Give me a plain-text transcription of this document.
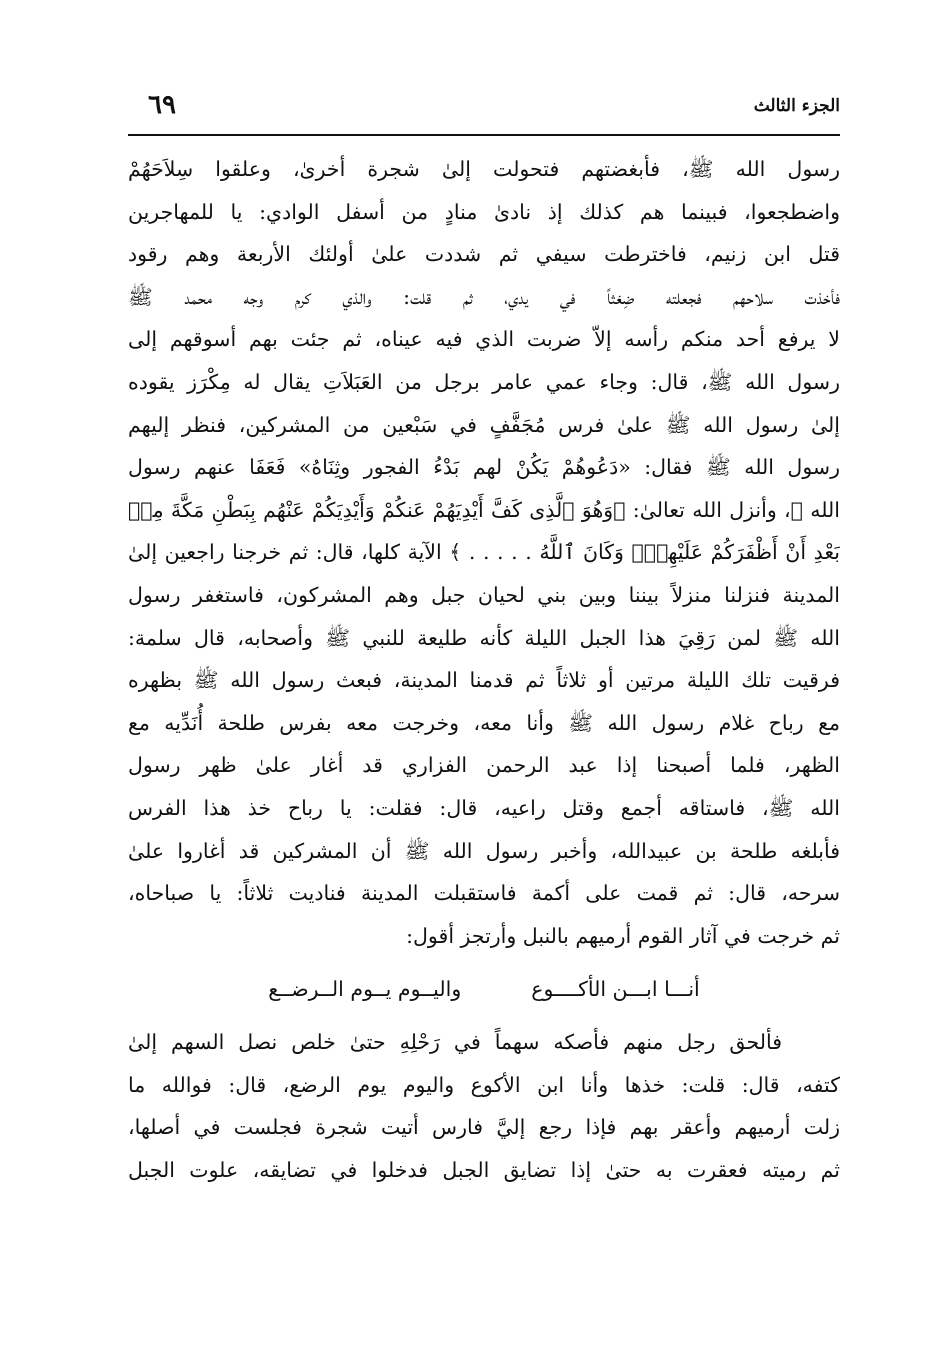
الجزء الثالث
٦٩
رسول الله ﷺ، فأبغضتهم فتحولت إلىٰ شجرة أخرىٰ، وعلقوا سِلاَحَهُمْ
واضطجعوا، فبينما هم كذلك إذ نادىٰ منادٍ من أسفل الوادي: يا للمهاجرين
قتل ابن زنيم، فاخترطت سيفي ثم شددت علىٰ أولئك الأربعة وهم رقود
فأخذت سلاحهم فجعلته ضِغثاً في يدي، ثم قلت: والذي كرم وجه محمد ﷺ
لا يرفع أحد منكم رأسه إلاّ ضربت الذي فيه عيناه، ثم جئت بهم أسوقهم إلى
رسول الله ﷺ، قال: وجاء عمي عامر برجل من العَبَلاَتِ يقال له مِكْرَز يقوده
إلىٰ رسول الله ﷺ علىٰ فرس مُجَفَّفٍ في سَبْعين من المشركين، فنظر إليهم
رسول الله ﷺ فقال: «دَعُوهُمْ يَكُنْ لهم بَدْءُ الفجور وثِنَاهُ» فَعَفَا عنهم رسول
الله ﷺ، وأنزل الله تعالىٰ: ﴿وَهُوَ ٱلَّذِى كَفَّ أَيْدِيَهُمْ عَنكُمْ وَأَيْدِيَكُمْ عَنْهُم بِبَطْنِ مَكَّةَ مِنۢ
بَعْدِ أَنْ أَظْفَرَكُمْ عَلَيْهِمْۚ وَكَانَ ٱللَّهُ . . . . . ﴾ الآية كلها، قال: ثم خرجنا راجعين إلىٰ
المدينة فنزلنا منزلاً بيننا وبين بني لحيان جبل وهم المشركون، فاستغفر رسول
الله ﷺ لمن رَقِيَ هذا الجبل الليلة كأنه طليعة للنبي ﷺ وأصحابه، قال سلمة:
فرقيت تلك الليلة مرتين أو ثلاثاً ثم قدمنا المدينة، فبعث رسول الله ﷺ بظهره
مع رباح غلام رسول الله ﷺ وأنا معه، وخرجت معه بفرس طلحة أُنَدِّيه مع
الظهر، فلما أصبحنا إذا عبد الرحمن الفزاري قد أغار علىٰ ظهر رسول
الله ﷺ، فاستاقه أجمع وقتل راعيه، قال: فقلت: يا رباح خذ هذا الفرس
فأبلغه طلحة بن عبيدالله، وأخبر رسول الله ﷺ أن المشركين قد أغاروا علىٰ
سرحه، قال: ثم قمت على أكمة فاستقبلت المدينة فناديت ثلاثاً: يا صباحاه،
ثم خرجت في آثار القوم أرميهم بالنبل وأرتجز أقول:
أنـــا ابـــن الأكــــوع
واليــوم يــوم الــرضــع
فألحق رجل منهم فأصكه سهماً في رَحْلِهِ حتىٰ خلص نصل السهم إلىٰ
كتفه، قال: قلت: خذها وأنا ابن الأكوع واليوم يوم الرضع، قال: فوالله ما
زلت أرميهم وأعقر بهم فإذا رجع إليَّ فارس أتيت شجرة فجلست في أصلها،
ثم رميته فعقرت به حتىٰ إذا تضايق الجبل فدخلوا في تضايقه، علوت الجبل
